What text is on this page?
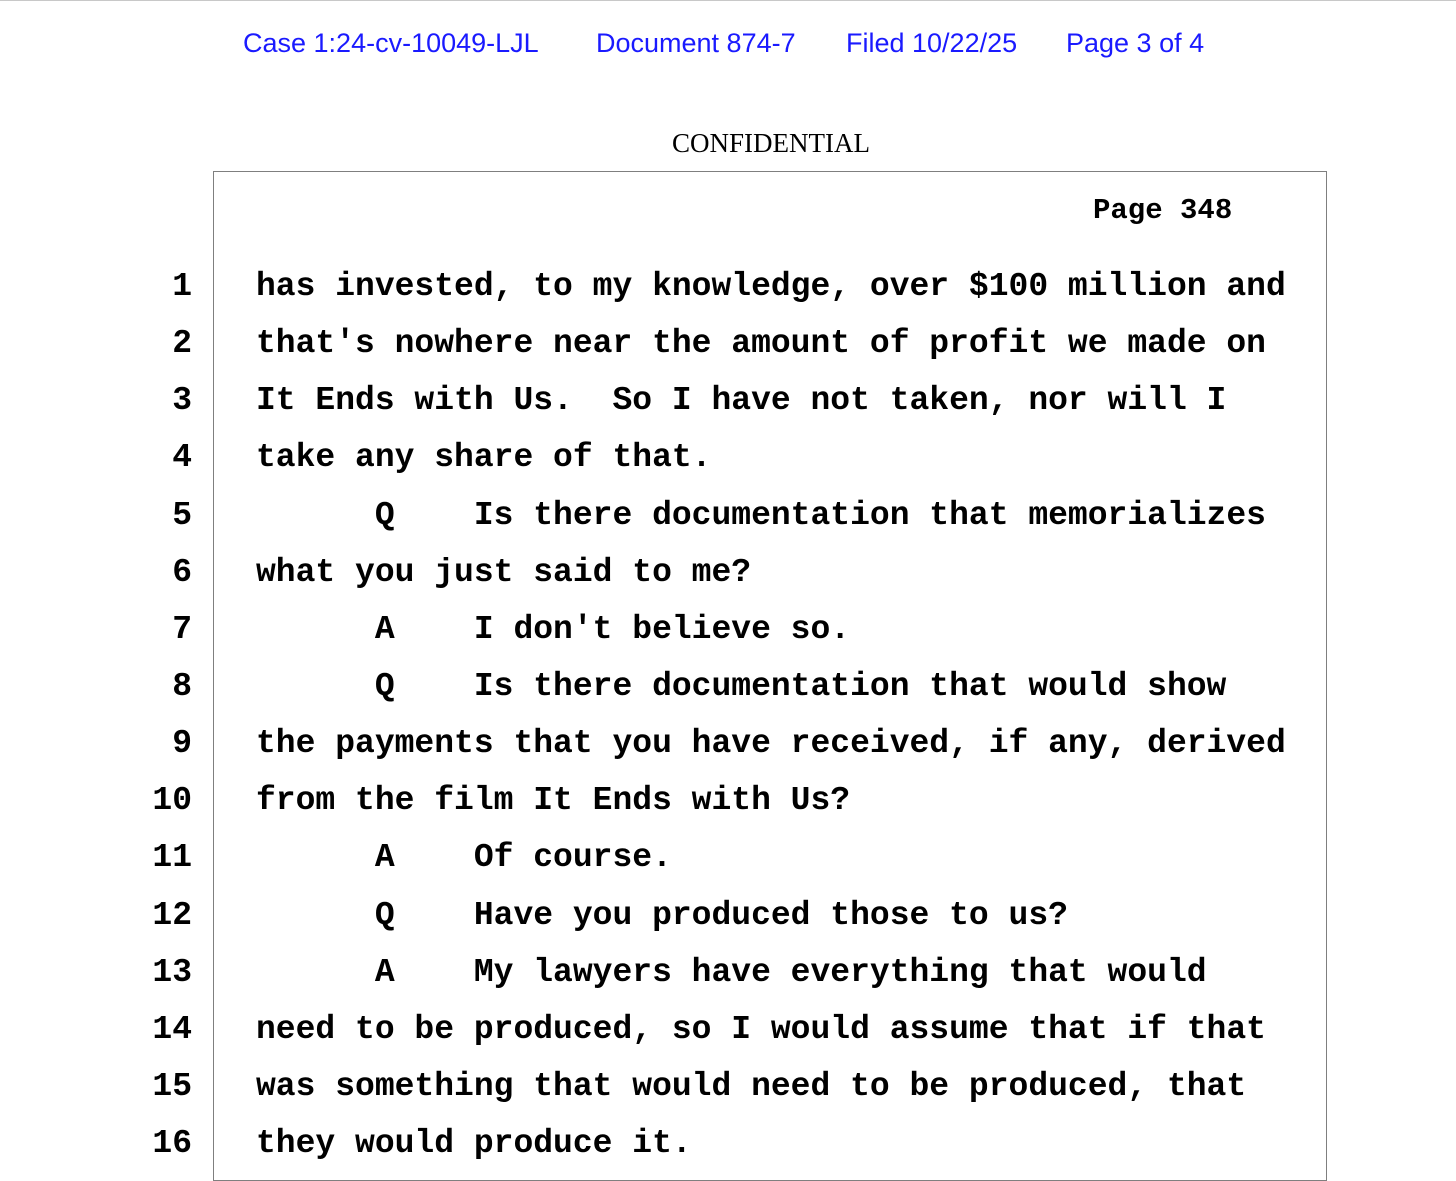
Case 1:24-cv-10049-LJL Document 874-7 Filed 10/22/25 Page 3 of 4
CONFIDENTIAL
Page 348
1 has invested, to my knowledge, over $100 million and
2 that's nowhere near the amount of profit we made on
3 It Ends with Us.  So I have not taken, nor will I
4 take any share of that.
5 Q    Is there documentation that memorializes
6 what you just said to me?
7 A    I don't believe so.
8 Q    Is there documentation that would show
9 the payments that you have received, if any, derived
10 from the film It Ends with Us?
11 A    Of course.
12 Q    Have you produced those to us?
13 A    My lawyers have everything that would
14 need to be produced, so I would assume that if that
15 was something that would need to be produced, that
16 they would produce it.
